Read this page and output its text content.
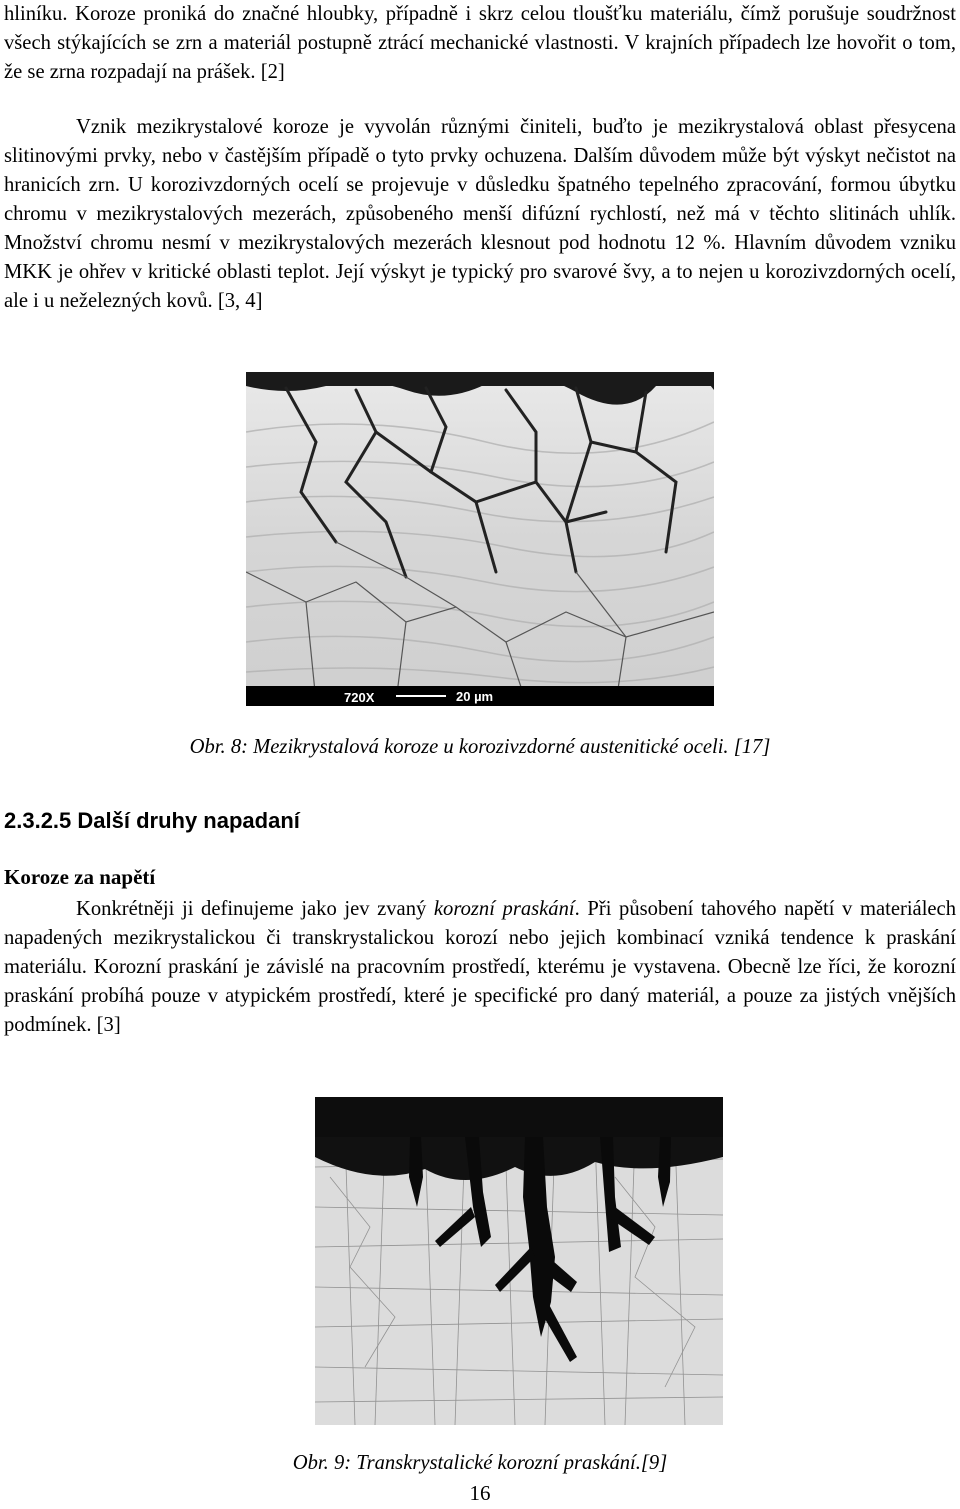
hliníku. Koroze proniká do značné hloubky, případně i skrz celou tloušťku materiálu, čímž porušuje soudržnost všech stýkajících se zrn a materiál postupně ztrácí mechanické vlastnosti. V krajních případech lze hovořit o tom, že se zrna rozpadají na prášek. [2]

Vznik mezikrystalové koroze je vyvolán různými činiteli, buďto je mezikrystalová oblast přesycena slitinovými prvky, nebo v častějším případě o tyto prvky ochuzena. Dalším důvodem může být výskyt nečistot na hranicích zrn. U korozivzdorných ocelí se projevuje v důsledku špatného tepelného zpracování, formou úbytku chromu v mezikrystalových mezerách, způsobeného menší difúzní rychlostí, než má v těchto slitinách uhlík. Množství chromu nesmí v mezikrystalových mezerách klesnout pod hodnotu 12 %. Hlavním důvodem vzniku MKK je ohřev v kritické oblasti teplot. Její výskyt je typický pro svarové švy, a to nejen u korozivzdorných ocelí, ale i u neželezných kovů. [3, 4]

720X	20 µm

Obr. 8: Mezikrystalová koroze u korozivzdorné austenitické oceli. [17]

2.3.2.5 Další druhy napadaní
Koroze za napětí

Konkrétněji ji definujeme jako jev zvaný korozní praskání. Při působení tahového napětí v materiálech napadených mezikrystalickou či transkrystalickou korozí nebo jejich kombinací vzniká tendence k praskání materiálu. Korozní praskání je závislé na pracovním prostředí, kterému je vystavena. Obecně lze říci, že korozní praskání probíhá pouze v atypickém prostředí, které je specifické pro daný materiál, a pouze za jistých vnějších podmínek. [3]

Obr. 9: Transkrystalické korozní praskání.[9]

16
